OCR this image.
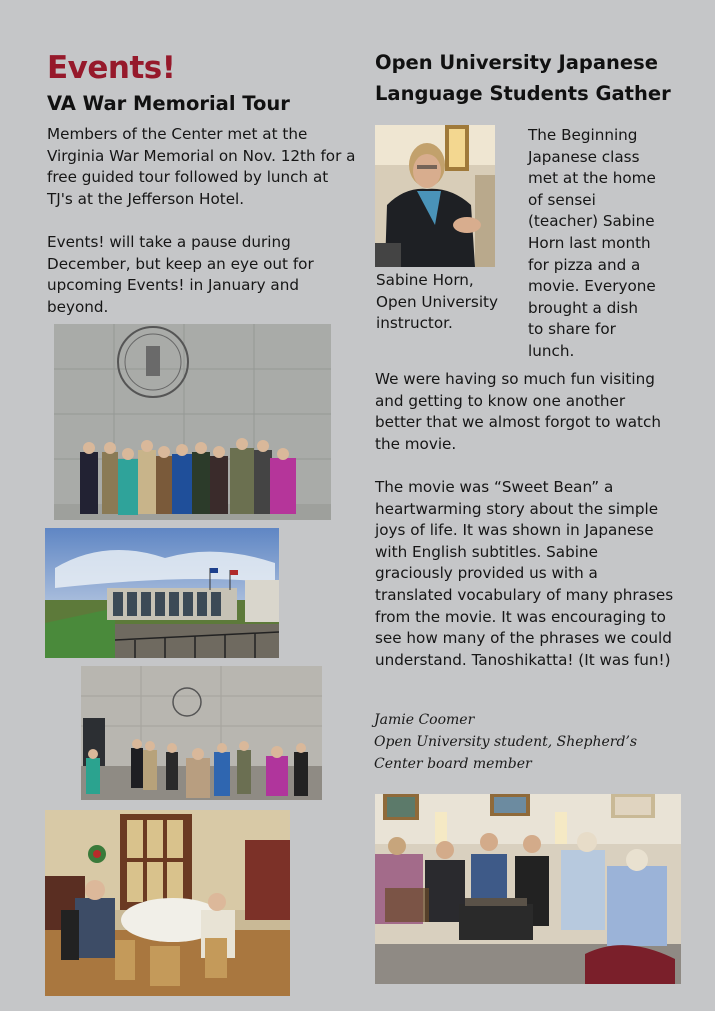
Events!
VA War Memorial Tour
Members of the Center met at the Virginia War Memorial on Nov. 12th for a free guided tour followed by lunch at TJ's at the Jefferson Hotel.
Events! will take a pause during December, but keep an eye out for upcoming Events! in January and beyond.
Open University Japanese Language Students Gather
Sabine Horn, Open University instructor.
The Beginning Japanese class met at the home of sensei (teacher) Sabine Horn last month for pizza and a movie. Everyone brought a dish to share for lunch.
We were having so much fun visiting and getting to know one another better that we almost forgot to watch the movie.
The movie was “Sweet Bean” a heartwarming story about the simple joys of life. It was shown in Japanese with English subtitles. Sabine graciously provided us with a translated vocabulary of many phrases from the movie. It was encouraging to see how many of the phrases we could understand. Tanoshikatta! (It was fun!)
Jamie Coomer
Open University student, Shepherd’s Center board member
